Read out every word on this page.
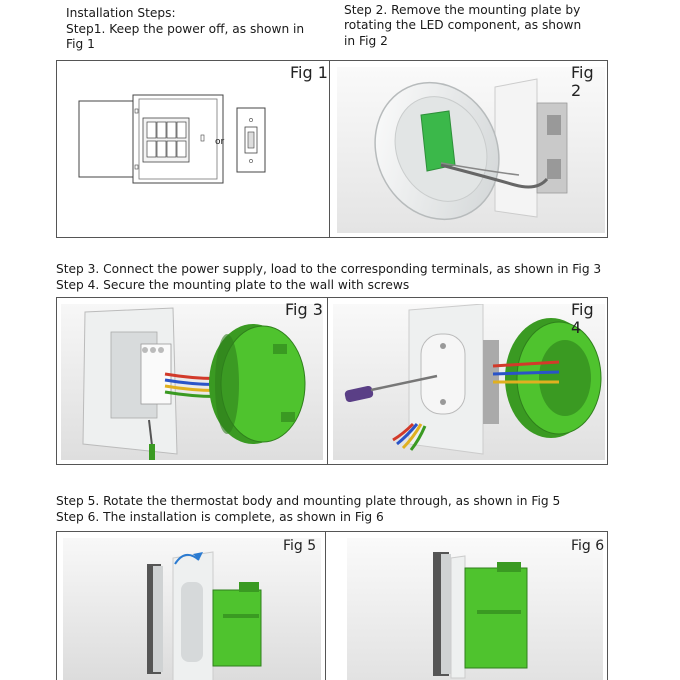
Installation Steps:
Step1. Keep the power off, as shown in
Fig 1
Step 2. Remove the mounting plate by
rotating the LED component, as shown
in Fig 2
or
Fig 1	Fig 2
Step 3. Connect the power supply, load to the corresponding terminals, as shown in Fig 3
Step 4. Secure the mounting plate to the wall with screws
Fig 3	Fig 4
Step 5. Rotate the thermostat body and mounting plate through, as shown in Fig 5
Step 6. The installation is complete, as shown in Fig 6
Fig 5	Fig 6
